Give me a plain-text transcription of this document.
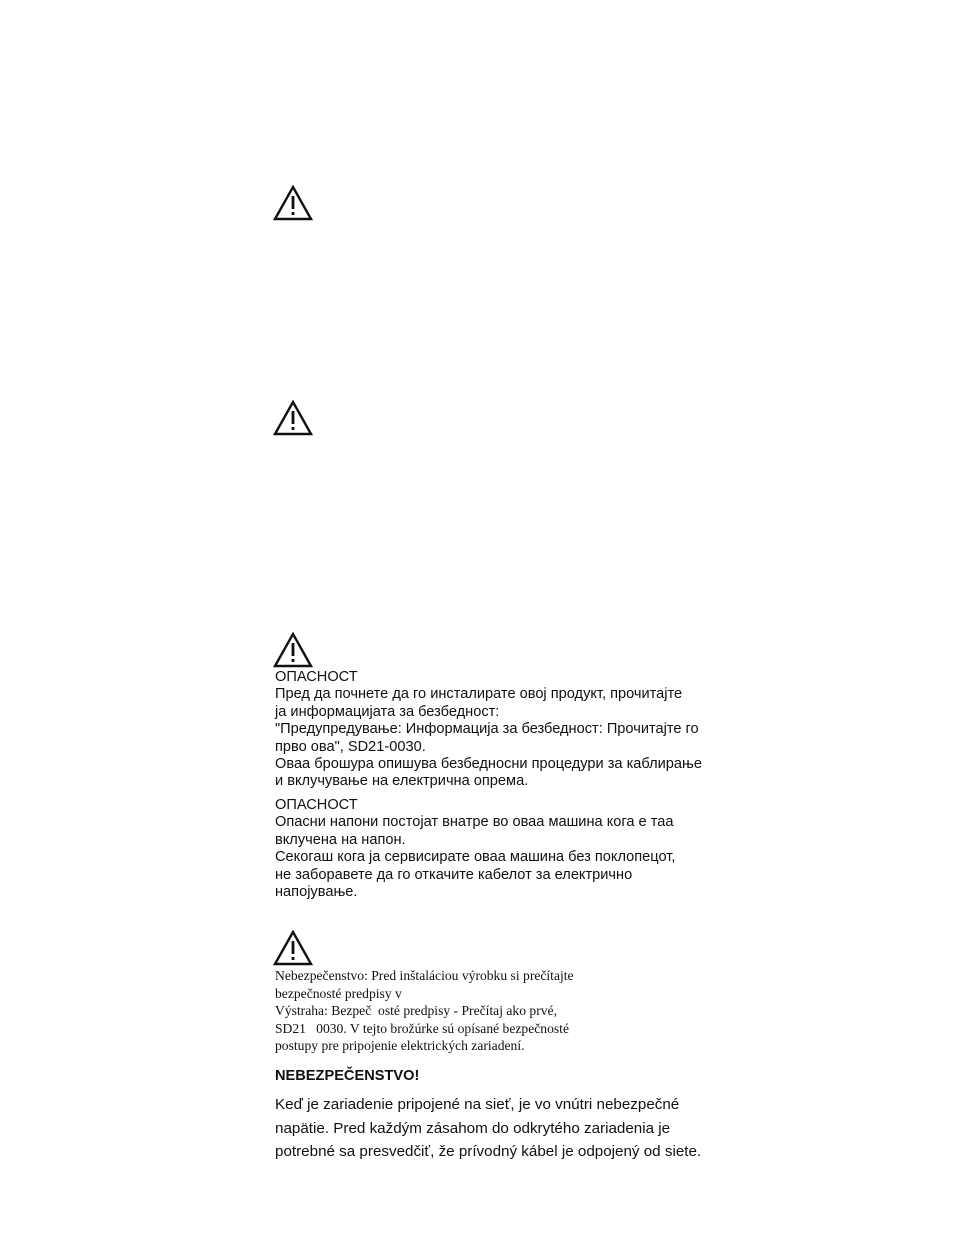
ОПАСНОСТ
Пред да почнете да го инсталирате овој продукт, прочитајте
ја информацијата за безбедност:
"Предупредување: Информација за безбедност: Прочитајте го
прво ова", SD21-0030.
Оваа брошура опишува безбедносни процедури за каблирање
и вклучување на електрична опрема.
ОПАСНОСТ
Опасни напони постојат внатре во оваа машина кога е таа
вклучена на напон.
Секогаш кога ја сервисирате оваа машина без поклопецот,
не заборавете да го откачите кабелот за електрично
напојување.
Nebezpečenstvo: Pred inštaláciou výrobku si prečítajte
bezpečnosté predpisy v
Výstraha: Bezpeč  osté predpisy - Prečítaj ako prvé,
SD21   0030. V tejto brožúrke sú opísané bezpečnosté
postupy pre pripojenie elektrických zariadení.
NEBEZPEČENSTVO!
Keď je zariadenie pripojené na sieť, je vo vnútri nebezpečné
napätie. Pred každým zásahom do odkrytého zariadenia je
potrebné sa presvedčiť, že prívodný kábel je odpojený od siete.
